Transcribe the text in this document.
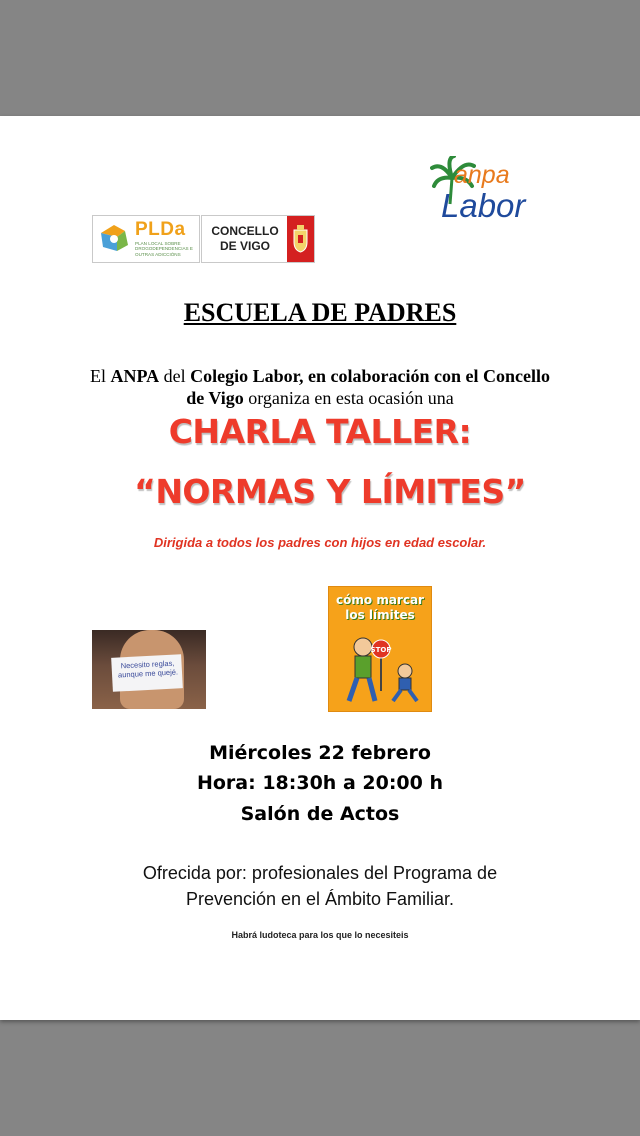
PLDa
PLAN LOCAL SOBRE DROGODEPENDENCIAS E OUTRAS ADICCIÓNS
CONCELLO
DE VIGO
anpa
Labor
ESCUELA DE PADRES
El ANPA del Colegio Labor, en colaboración con el Concello de Vigo organiza en esta ocasión una
CHARLA TALLER:
“NORMAS Y LÍMITES”
Dirigida a todos los padres con hijos en edad escolar.
Necesito reglas,
aunque me quejé.
cómo marcar
los límites
STOP
Miércoles 22 febrero
Hora: 18:30h a 20:00 h
Salón de Actos
Ofrecida por: profesionales del Programa de Prevención en el Ámbito Familiar.
Habrá ludoteca para los que lo necesiteis
